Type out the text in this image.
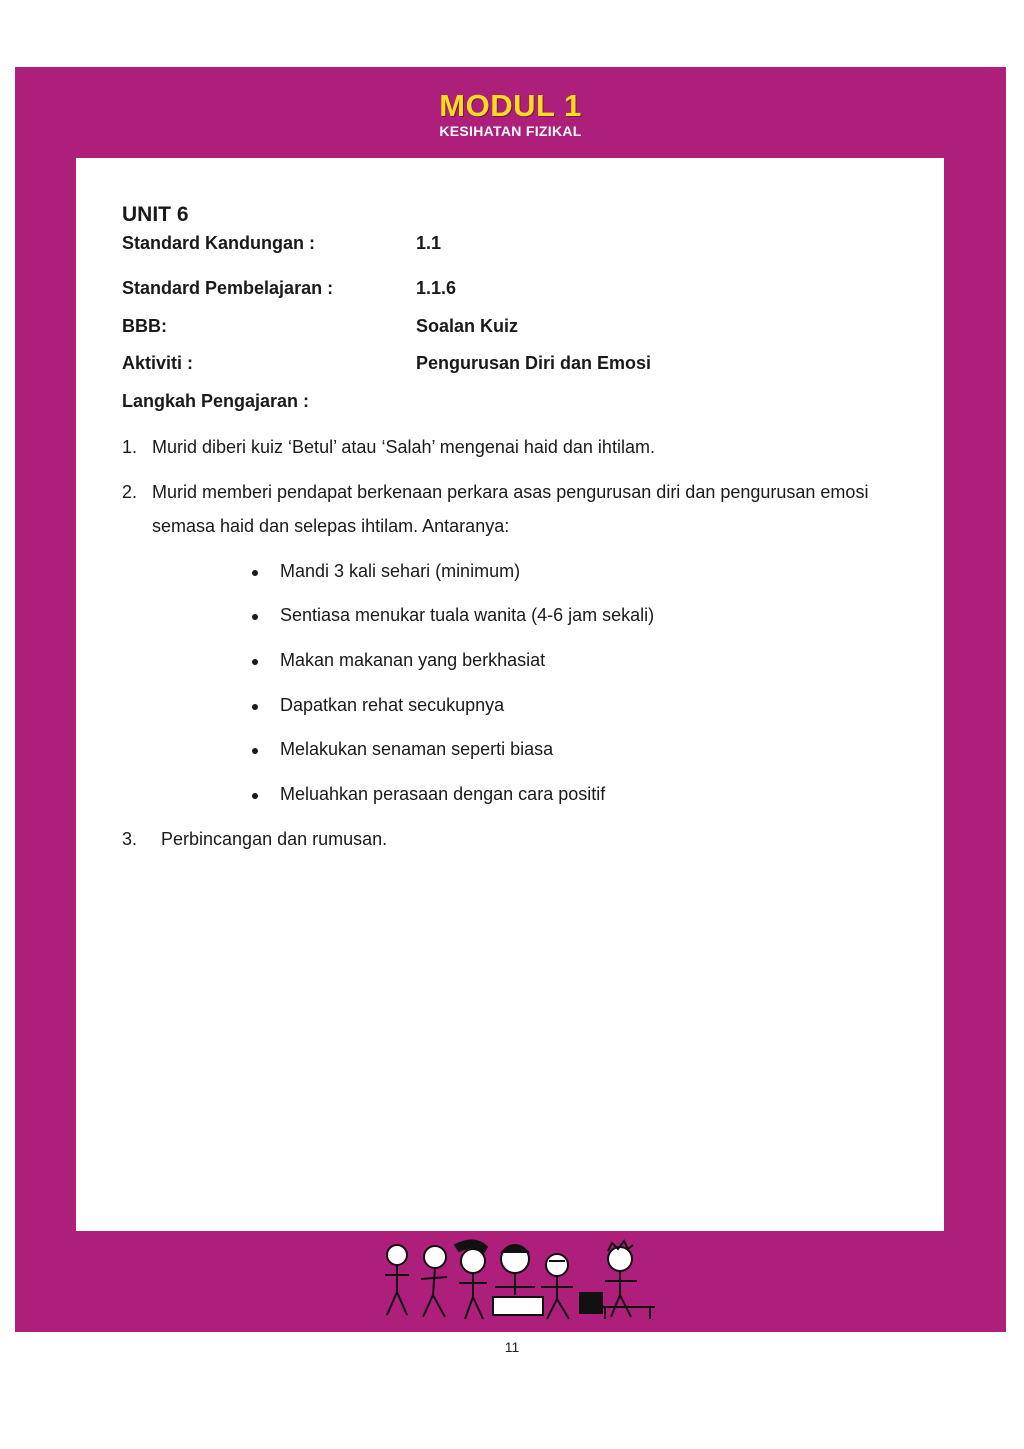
MODUL 1
KESIHATAN FIZIKAL
UNIT 6
Standard Kandungan :	1.1
Standard Pembelajaran :	1.1.6
BBB:	Soalan Kuiz
Aktiviti :	Pengurusan Diri dan Emosi
Langkah Pengajaran :
1. Murid diberi kuiz ‘Betul’ atau ‘Salah’ mengenai haid dan ihtilam.
2. Murid memberi pendapat berkenaan perkara asas pengurusan diri dan pengurusan emosi semasa haid dan selepas ihtilam. Antaranya:
Mandi 3 kali sehari (minimum)
Sentiasa menukar tuala wanita (4-6 jam sekali)
Makan makanan yang berkhasiat
Dapatkan rehat secukupnya
Melakukan senaman seperti biasa
Meluahkan perasaan dengan cara positif
3. Perbincangan dan rumusan.
11
